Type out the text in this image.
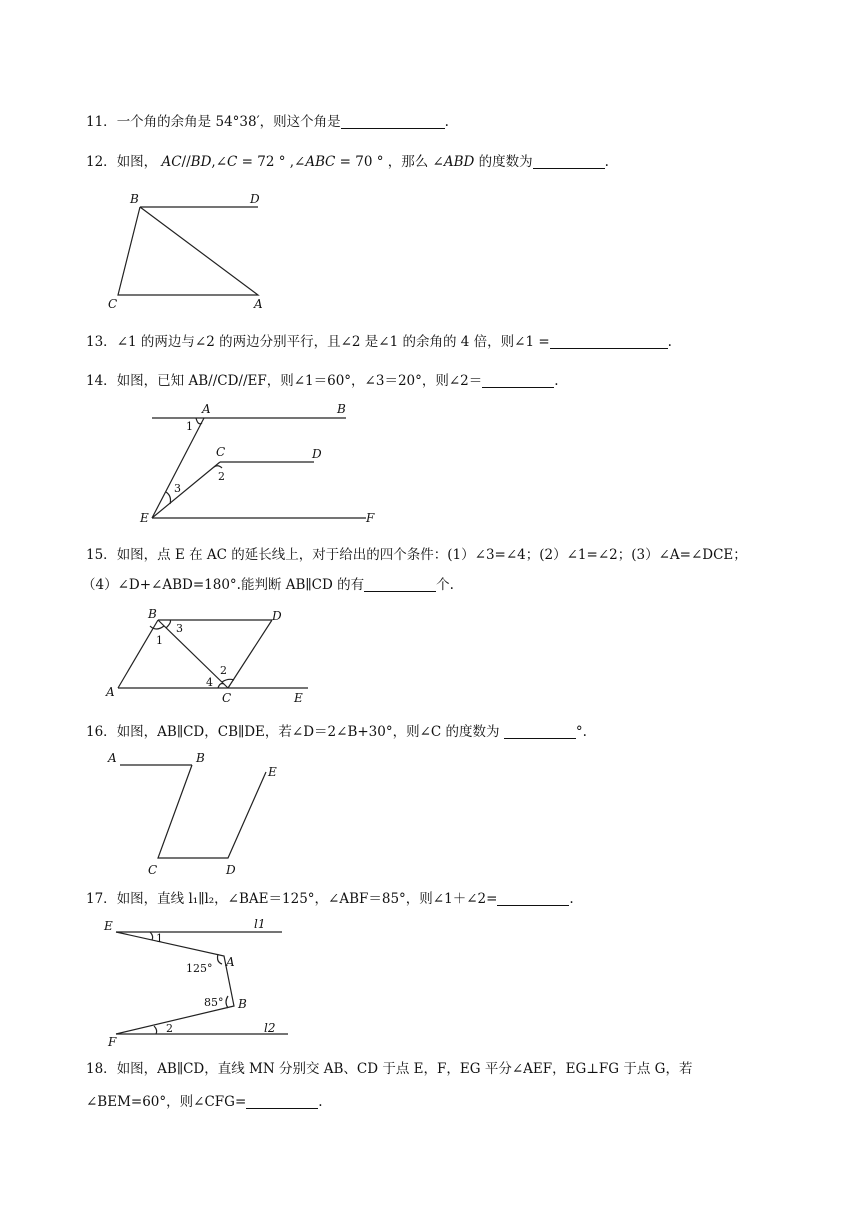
11．一个角的余角是 54°38′，则这个角是	.
12．如图， 𝐴𝐶//𝐵𝐷,∠𝐶 = 72 ° ,∠𝐴𝐵𝐶 = 70 ° ，那么 ∠𝐴𝐵𝐷 的度数为	.
B	D
C	A
13．∠1 的两边与∠2 的两边分别平行，且∠2 是∠1 的余角的 4 倍，则∠1 =	.
14．如图，已知 AB//CD//EF，则∠1＝60°，∠3＝20°，则∠2＝	.
A	B
C	D
E	F
1
2
3
15．如图，点 E 在 AC 的延长线上，对于给出的四个条件：(1）∠3=∠4；(2）∠1=∠2；(3）∠A=∠DCE；
（4）∠D+∠ABD=180°.能判断 AB∥CD 的有	个.
B	D
A	C	E
1
2
3
4
16．如图，AB∥CD，CB∥DE，若∠D＝2∠B+30°，则∠C 的度数为	°.
A	B
C	D
E
17．如图，直线 l₁∥l₂，∠BAE＝125°，∠ABF＝85°，则∠1＋∠2=	.
E	l1
A
B
F
l2
1
125°
85°
2
18．如图，AB∥CD，直线 MN 分别交 AB、CD 于点 E，F，EG 平分∠AEF，EG⊥FG 于点 G，若
∠BEM=60°，则∠CFG=	.
